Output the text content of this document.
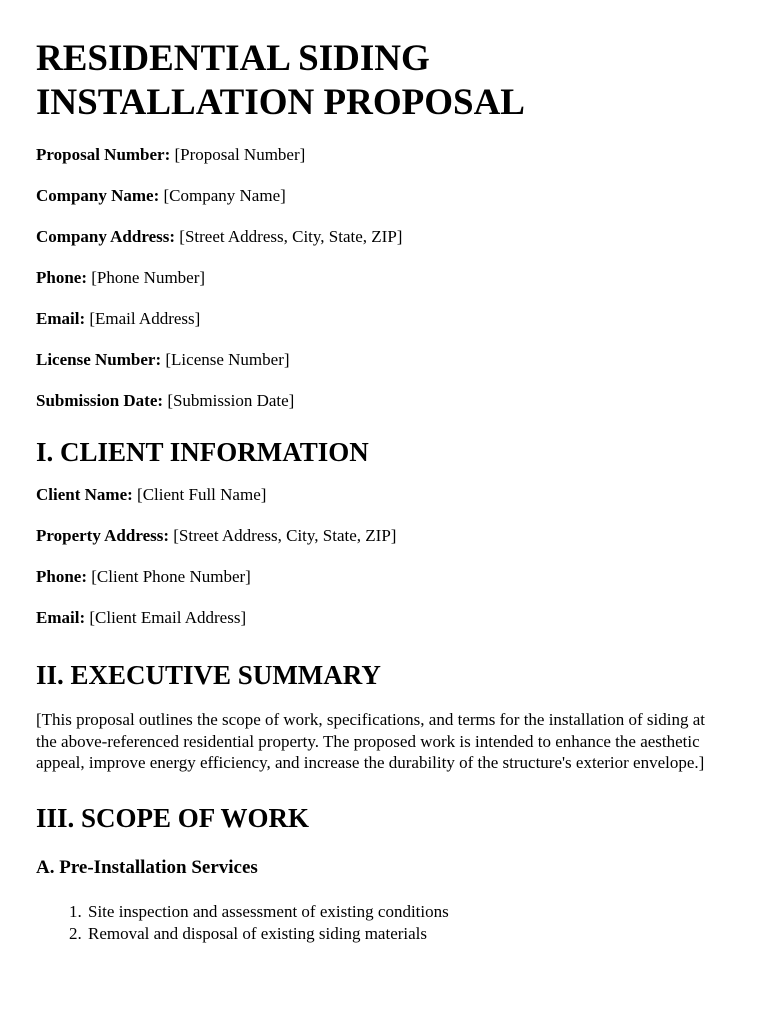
RESIDENTIAL SIDING
INSTALLATION PROPOSAL

Proposal Number: [Proposal Number]

Company Name: [Company Name]

Company Address: [Street Address, City, State, ZIP]

Phone: [Phone Number]

Email: [Email Address]

License Number: [License Number]

Submission Date: [Submission Date]

I. CLIENT INFORMATION

Client Name: [Client Full Name]

Property Address: [Street Address, City, State, ZIP]

Phone: [Client Phone Number]

Email: [Client Email Address]

II. EXECUTIVE SUMMARY

[This proposal outlines the scope of work, specifications, and terms for the installation of siding at the above-referenced residential property. The proposed work is intended to enhance the aesthetic appeal, improve energy efficiency, and increase the durability of the structure's exterior envelope.]

III. SCOPE OF WORK
A. Pre-Installation Services
1. Site inspection and assessment of existing conditions
2. Removal and disposal of existing siding materials
